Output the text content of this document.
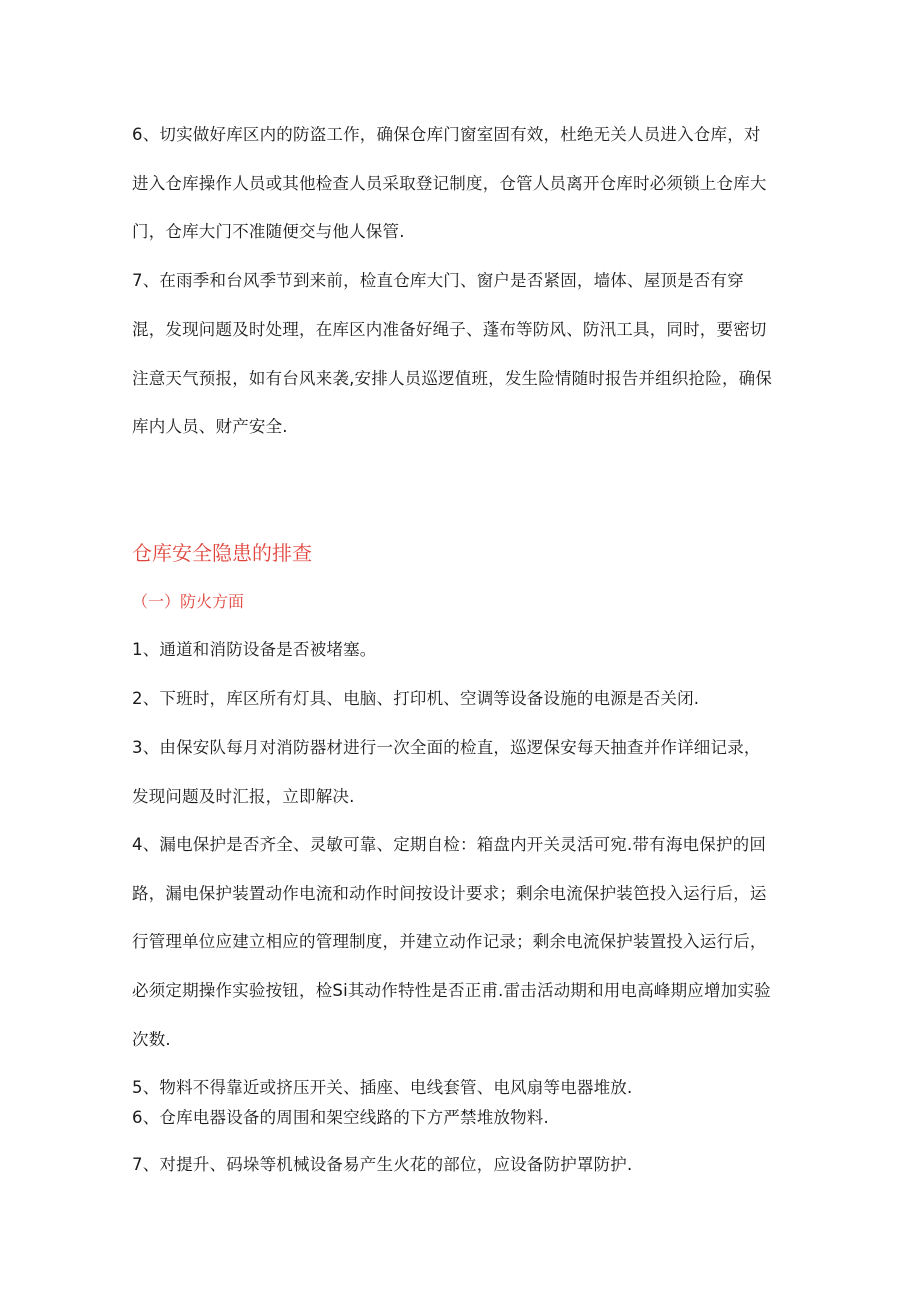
6、切实做好库区内的防盗工作，确保仓库门窗室固有效，杜绝无关人员进入仓库，对
进入仓库操作人员或其他检查人员采取登记制度，仓管人员离开仓库时必须锁上仓库大
门，仓库大门不准随便交与他人保管.
7、在雨季和台风季节到来前，检直仓库大门、窗户是否紧固，墙体、屋顶是否有穿
混，发现问题及时处理，在库区内准备好绳子、蓬布等防风、防汛工具，同时，要密切
注意天气预报，如有台风来袭,安排人员巡逻值班，发生险情随时报告并组织抢险，确保
库内人员、财产安全.
仓库安全隐患的排查
（一）防火方面
1、通道和消防设备是否被堵塞。
2、下班时，库区所有灯具、电脑、打印机、空调等设备设施的电源是否关闭.
3、由保安队每月对消防器材进行一次全面的检直，巡逻保安每天抽查并作详细记录，
发现问题及时汇报，立即解决.
4、漏电保护是否齐全、灵敏可靠、定期自检：箱盘内开关灵活可宛.带有海电保护的回
路，漏电保护装置动作电流和动作时间按设计要求；剩余电流保护装笆投入运行后，运
行管理单位应建立相应的管理制度，并建立动作记录；剩余电流保护装置投入运行后，
必须定期操作实验按钮，检Si其动作特性是否正甫.雷击活动期和用电高峰期应增加实验
次数.
5、物料不得靠近或挤压开关、插座、电线套管、电风扇等电器堆放.
6、仓库电器设备的周围和架空线路的下方严禁堆放物料.
7、对提升、码垛等机械设备易产生火花的部位，应设备防护罩防护.
